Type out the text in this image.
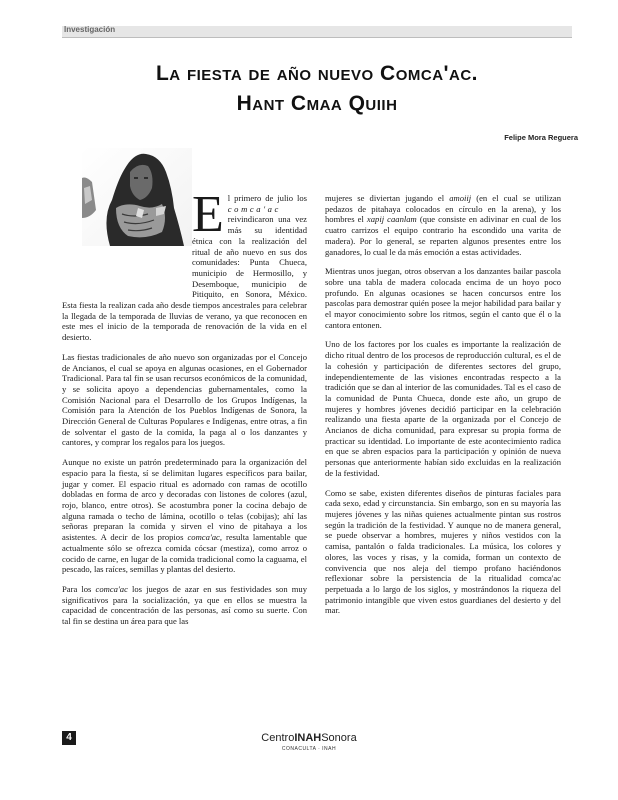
Investigación
La fiesta de año nuevo Comca'ac.
Hant Cmaa Quiih
Felipe Mora Reguera

E l primero de julio los comca'ac reivindicaron una vez más su identidad étnica con la realización del ritual de año nuevo en sus dos comunidades: Punta Chueca, municipio de Hermosillo, y Desemboque, municipio de Pitiquito, en Sonora, México. Esta fiesta la realizan cada año desde tiempos ancestrales para celebrar la llegada de la temporada de lluvias de verano, ya que reconocen en este mes el inicio de la temporada de renovación de la vida en el desierto.

Las fiestas tradicionales de año nuevo son organizadas por el Concejo de Ancianos, el cual se apoya en algunas ocasiones, en el Gobernador Tradicional. Para tal fin se usan recursos económicos de la comunidad, y se solicita apoyo a dependencias gubernamentales, como la Comisión Nacional para el Desarrollo de los Grupos Indígenas, la Comisión para la Atención de los Pueblos Indígenas de Sonora, la Dirección General de Culturas Populares e Indígenas, entre otras, a fin de solventar el gasto de la comida, la paga al o los danzantes y cantores, y comprar los regalos para los juegos.

Aunque no existe un patrón predeterminado para la organización del espacio para la fiesta, sí se delimitan lugares específicos para bailar, jugar y comer. El espacio ritual es adornado con ramas de ocotillo dobladas en forma de arco y decoradas con listones de colores (azul, rojo, blanco, entre otros). Se acostumbra poner la cocina debajo de alguna ramada o techo de lámina, ocotillo o telas (cobijas); ahí las señoras preparan la comida y sirven el vino de pitahaya a los asistentes. A decir de los propios comca'ac, resulta lamentable que actualmente sólo se ofrezca comida cócsar (mestiza), como arroz o cocido de carne, en lugar de la comida tradicional como la caguama, el pescado, las raíces, semillas y plantas del desierto.

Para los comca'ac los juegos de azar en sus festividades son muy significativos para la socialización, ya que en ellos se muestra la capacidad de concentración de las personas, así como su suerte. Con tal fin se destina un área para que las

mujeres se diviertan jugando el amoiij (en el cual se utilizan pedazos de pitahaya colocados en círculo en la arena), y los hombres el xapij caanlam (que consiste en adivinar en cual de los cuatro carrizos el equipo contrario ha escondido una varita de madera). Por lo general, se reparten algunos presentes entre los ganadores, lo cual le da más emoción a estas actividades.

Mientras unos juegan, otros observan a los danzantes bailar pascola sobre una tabla de madera colocada encima de un hoyo poco profundo. En algunas ocasiones se hacen concursos entre los pascolas para demostrar quién posee la mejor habilidad para bailar y el mayor conocimiento sobre los ritmos, según el canto que él o la cantora entonen.

Uno de los factores por los cuales es importante la realización de dicho ritual dentro de los procesos de reproducción cultural, es el de la cohesión y participación de diferentes sectores del grupo, independientemente de las visiones encontradas respecto a la tradición que se dan al interior de las comunidades. Tal es el caso de la comunidad de Punta Chueca, donde este año, un grupo de mujeres y hombres jóvenes decidió participar en la celebración realizando una fiesta aparte de la organizada por el Concejo de Ancianos de dicha comunidad, para expresar su propia forma de practicar su identidad. Lo importante de este acontecimiento radica en que se abren espacios para la participación y opinión de nueva personas que anteriormente habían sido excluidas en la realización de la festividad.

Como se sabe, existen diferentes diseños de pinturas faciales para cada sexo, edad y circunstancia. Sin embargo, son en su mayoría las mujeres jóvenes y las niñas quienes actualmente pintan sus rostros según la tradición de la festividad. Y aunque no de manera general, se puede observar a hombres, mujeres y niños vestidos con la camisa, pantalón o falda tradicionales. La música, los colores y olores, las voces y risas, y la comida, forman un contexto de convivencia que nos aleja del tiempo profano haciéndonos reflexionar sobre la persistencia de la ritualidad comca'ac perpetuada a lo largo de los siglos, y mostrándonos la riqueza del patrimonio intangible que viven estos guardianes del desierto y del mar.

4	CentroINAHSonora
CONACULTA · INAH
